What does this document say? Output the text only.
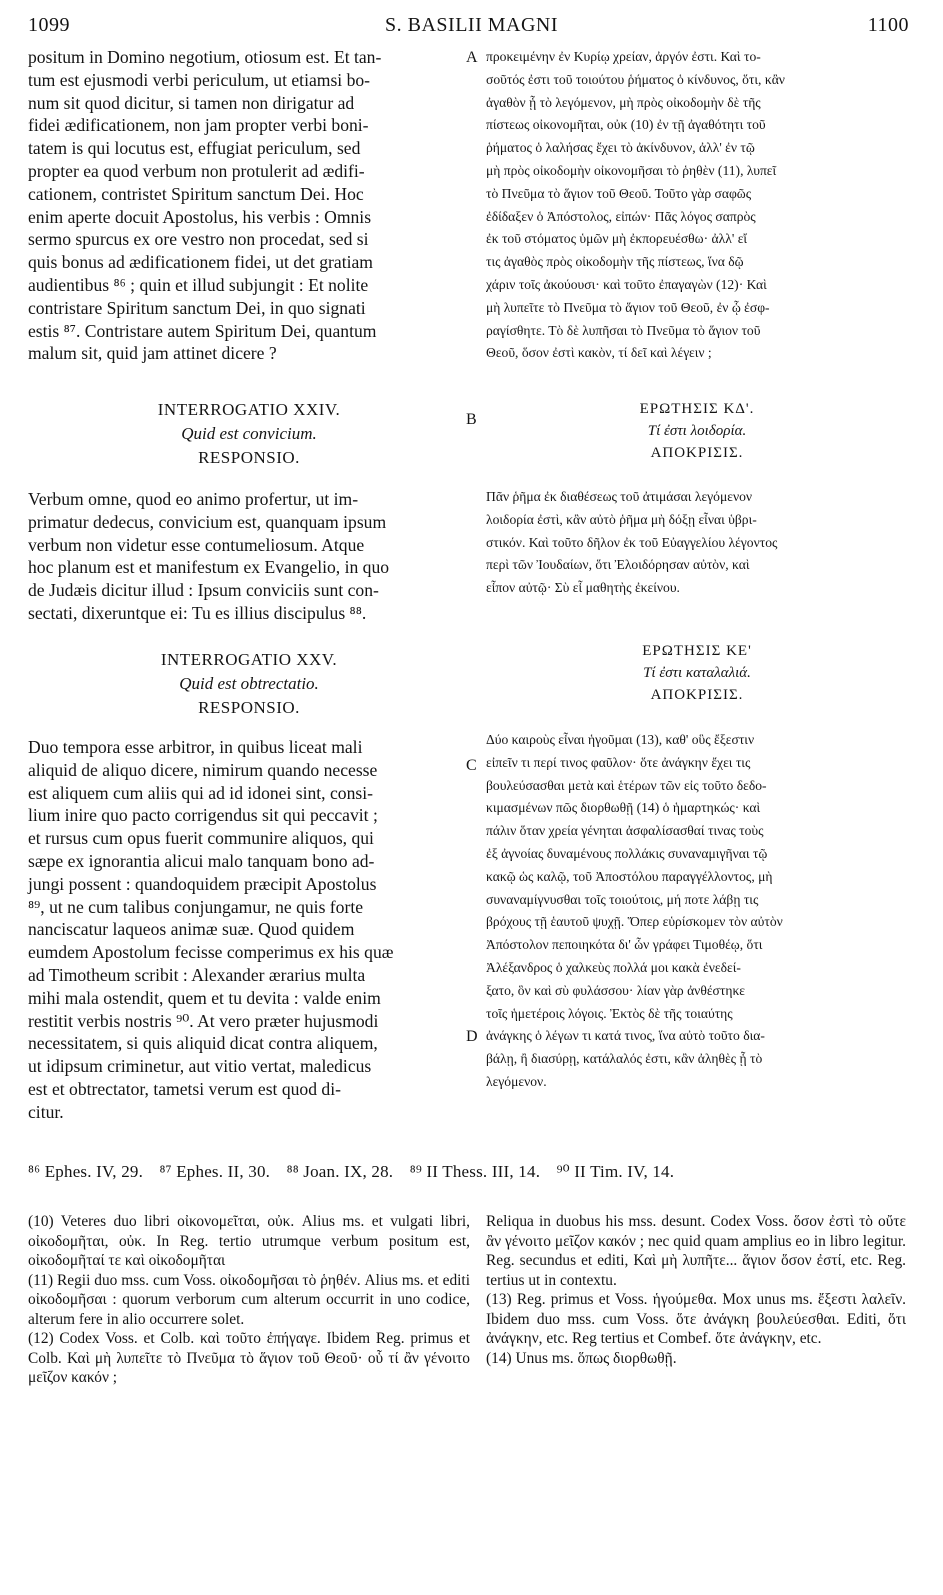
1099	S. BASILII MAGNI	1100
A
B
C
D
positum in Domino negotium, otiosum est. Et tan-
tum est ejusmodi verbi periculum, ut etiamsi bo-
num sit quod dicitur, si tamen non dirigatur ad
fidei ædificationem, non jam propter verbi boni-
tatem is qui locutus est, effugiat periculum, sed
propter ea quod verbum non protulerit ad ædifi-
cationem, contristet Spiritum sanctum Dei. Hoc
enim aperte docuit Apostolus, his verbis : Omnis
sermo spurcus ex ore vestro non procedat, sed si
quis bonus ad ædificationem fidei, ut det gratiam
audientibus ⁸⁶ ; quin et illud subjungit : Et nolite
contristare Spiritum sanctum Dei, in quo signati
estis ⁸⁷. Contristare autem Spiritum Dei, quantum
malum sit, quid jam attinet dicere ?
INTERROGATIO XXIV.
Quid est convicium.
RESPONSIO.
Verbum omne, quod eo animo profertur, ut im-
primatur dedecus, convicium est, quanquam ipsum
verbum non videtur esse contumeliosum. Atque
hoc planum est et manifestum ex Evangelio, in quo
de Judæis dicitur illud : Ipsum conviciis sunt con-
sectati, dixeruntque ei: Tu es illius discipulus ⁸⁸.
INTERROGATIO XXV.
Quid est obtrectatio.
RESPONSIO.
Duo tempora esse arbitror, in quibus liceat mali
aliquid de aliquo dicere, nimirum quando necesse
est aliquem cum aliis qui ad id idonei sint, consi-
lium inire quo pacto corrigendus sit qui peccavit ;
et rursus cum opus fuerit communire aliquos, qui
sæpe ex ignorantia alicui malo tanquam bono ad-
jungi possent : quandoquidem præcipit Apostolus
⁸⁹, ut ne cum talibus conjungamur, ne quis forte
nanciscatur laqueos animæ suæ. Quod quidem
eumdem Apostolum fecisse comperimus ex his quæ
ad Timotheum scribit : Alexander ærarius multa
mihi mala ostendit, quem et tu devita : valde enim
restitit verbis nostris ⁹⁰. At vero præter hujusmodi
necessitatem, si quis aliquid dicat contra aliquem,
ut idipsum criminetur, aut vitio vertat, maledicus
est et obtrectator, tametsi verum est quod di-
citur.
προκειμένην ἐν Κυρίῳ χρείαν, ἀργόν ἐστι. Καὶ το-
σοῦτός ἐστι τοῦ τοιούτου ῥήματος ὁ κίνδυνος, ὅτι, κἂν
ἀγαθὸν ᾖ τὸ λεγόμενον, μὴ πρὸς οἰκοδομὴν δὲ τῆς
πίστεως οἰκονομῆται, οὐκ (10) ἐν τῇ ἀγαθότητι τοῦ
ῥήματος ὁ λαλήσας ἔχει τὸ ἀκίνδυνον, ἀλλ' ἐν τῷ
μὴ πρὸς οἰκοδομὴν οἰκονομῆσαι τὸ ῥηθὲν (11), λυπεῖ
τὸ Πνεῦμα τὸ ἅγιον τοῦ Θεοῦ. Τοῦτο γὰρ σαφῶς
ἐδίδαξεν ὁ Ἀπόστολος, εἰπών· Πᾶς λόγος σαπρὸς
ἐκ τοῦ στόματος ὑμῶν μὴ ἐκπορευέσθω· ἀλλ' εἴ
τις ἀγαθὸς πρὸς οἰκοδομὴν τῆς πίστεως, ἵνα δῷ
χάριν τοῖς ἀκούουσι· καὶ τοῦτο ἐπαγαγὼν (12)· Καὶ
μὴ λυπεῖτε τὸ Πνεῦμα τὸ ἅγιον τοῦ Θεοῦ, ἐν ᾧ ἐσφ-
ραγίσθητε. Τὸ δὲ λυπῆσαι τὸ Πνεῦμα τὸ ἅγιον τοῦ
Θεοῦ, ὅσον ἐστὶ κακὸν, τί δεῖ καὶ λέγειν ;
ΕΡΩΤΗΣΙΣ ΚΔ'.
Τί ἐστι λοιδορία.
ΑΠΟΚΡΙΣΙΣ.
Πᾶν ῥῆμα ἐκ διαθέσεως τοῦ ἀτιμάσαι λεγόμενον
λοιδορία ἐστὶ, κἂν αὐτὸ ῥῆμα μὴ δόξῃ εἶναι ὑβρι-
στικόν. Καὶ τοῦτο δῆλον ἐκ τοῦ Εὐαγγελίου λέγοντος
περὶ τῶν Ἰουδαίων, ὅτι Ἐλοιδόρησαν αὐτὸν, καὶ
εἶπον αὐτῷ· Σὺ εἶ μαθητὴς ἐκείνου.
ΕΡΩΤΗΣΙΣ ΚΕ'
Τί ἐστι καταλαλιά.
ΑΠΟΚΡΙΣΙΣ.
Δύο καιροὺς εἶναι ἡγοῦμαι (13), καθ' οὓς ἔξεστιν
εἰπεῖν τι περί τινος φαῦλον· ὅτε ἀνάγκην ἔχει τις
βουλεύσασθαι μετὰ καὶ ἑτέρων τῶν εἰς τοῦτο δεδο-
κιμασμένων πῶς διορθωθῇ (14) ὁ ἡμαρτηκώς· καὶ
πάλιν ὅταν χρεία γένηται ἀσφαλίσασθαί τινας τοὺς
ἐξ ἀγνοίας δυναμένους πολλάκις συναναμιγῆναι τῷ
κακῷ ὡς καλῷ, τοῦ Ἀποστόλου παραγγέλλοντος, μὴ
συναναμίγνυσθαι τοῖς τοιούτοις, μή ποτε λάβῃ τις
βρόχους τῇ ἑαυτοῦ ψυχῇ. Ὅπερ εὑρίσκομεν τὸν αὐτὸν
Ἀπόστολον πεποιηκότα δι' ὧν γράφει Τιμοθέῳ, ὅτι
Ἀλέξανδρος ὁ χαλκεὺς πολλά μοι κακὰ ἐνεδεί-
ξατο, ὃν καὶ σὺ φυλάσσου· λίαν γὰρ ἀνθέστηκε
τοῖς ἡμετέροις λόγοις. Ἐκτὸς δὲ τῆς τοιαύτης
ἀνάγκης ὁ λέγων τι κατά τινος, ἵνα αὐτὸ τοῦτο δια-
βάλῃ, ἢ διασύρῃ, κατάλαλός ἐστι, κἂν ἀληθὲς ᾖ τὸ
λεγόμενον.
⁸⁶ Ephes. IV, 29. ⁸⁷ Ephes. II, 30. ⁸⁸ Joan. IX, 28. ⁸⁹ II Thess. III, 14. ⁹⁰ II Tim. IV, 14.

(10) Veteres duo libri οἰκονομεῖται, οὐκ. Alius ms. et vulgati libri, οἰκοδομῆται, οὐκ. In Reg. tertio utrumque verbum positum est, οἰκοδομῆταί τε καὶ οἰκοδομῆται

(11) Regii duo mss. cum Voss. οἰκοδομῆσαι τὸ ῥηθέν. Alius ms. et editi οἰκοδομῆσαι : quorum verborum cum alterum occurrit in uno codice, alterum fere in alio occurrere solet.

(12) Codex Voss. et Colb. καὶ τοῦτο ἐπήγαγε. Ibidem Reg. primus et Colb. Καὶ μὴ λυπεῖτε τὸ Πνεῦμα τὸ ἅγιον τοῦ Θεοῦ· οὗ τί ἂν γένοιτο μεῖζον κακόν ;

Reliqua in duobus his mss. desunt. Codex Voss. ὅσον ἐστὶ τὸ οὔτε ἂν γένοιτο μεῖζον κακόν ; nec quid quam amplius eo in libro legitur. Reg. secundus et editi, Καὶ μὴ λυπῆτε... ἅγιον ὅσον ἐστί, etc. Reg. tertius ut in contextu.

(13) Reg. primus et Voss. ἡγούμεθα. Mox unus ms. ἔξεστι λαλεῖν. Ibidem duo mss. cum Voss. ὅτε ἀνάγκη βουλεύεσθαι. Editi, ὅτι ἀνάγκην, etc. Reg tertius et Combef. ὅτε ἀνάγκην, etc.

(14) Unus ms. ὅπως διορθωθῇ.
